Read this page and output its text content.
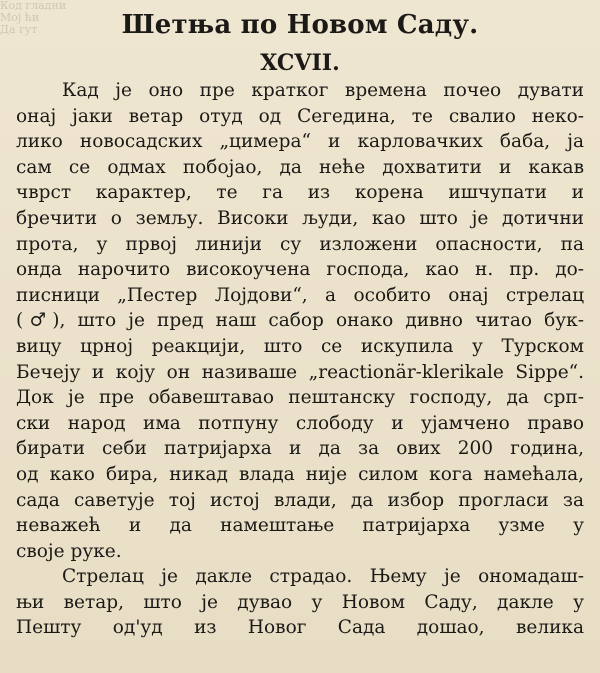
Код гладни
Мој ћи
Да гут	Шетња по Новом Саду.
XCVII.
Кад је оно пре кратког времена почео дувати
онај јаки ветар отуд од Сегедина, те свалио неко-
лико новосадских „цимера“ и карловачких баба, ја
сам се одмах побојао, да неће дохватити и какав
чврст карактер, те га из корена ишчупати и
бречити о земљу. Високи људи, као што је дотични
прота, у првој линији су изложени опасности, па
онда нарочито високоучена господа, као н. пр. до-
писници „Пестер Лојдови“, а особито онај стрелац
(♂), што је пред наш сабор онако дивно читао бук-
вицу црној реакцији, што се искупила у Турском
Бечеју и коју он називаше „reactionär-klerikale Sippe“.
Док је пре обавештавао пештанску господу, да срп-
ски народ има потпуну слободу и ујамчено право
бирати себи патријарха и да за ових 200 година,
од како бира, никад влада није силом кога намећала,
сада саветује тој истој влади, да избор прогласи за
неважећ и да намештање патријарха узме у
своје руке.
Стрелац је дакле страдао. Њему је ономадаш-
њи ветар, што је дувао у Новом Саду, дакле у
Пешту од'уд из Новог Сада дошао, велика
